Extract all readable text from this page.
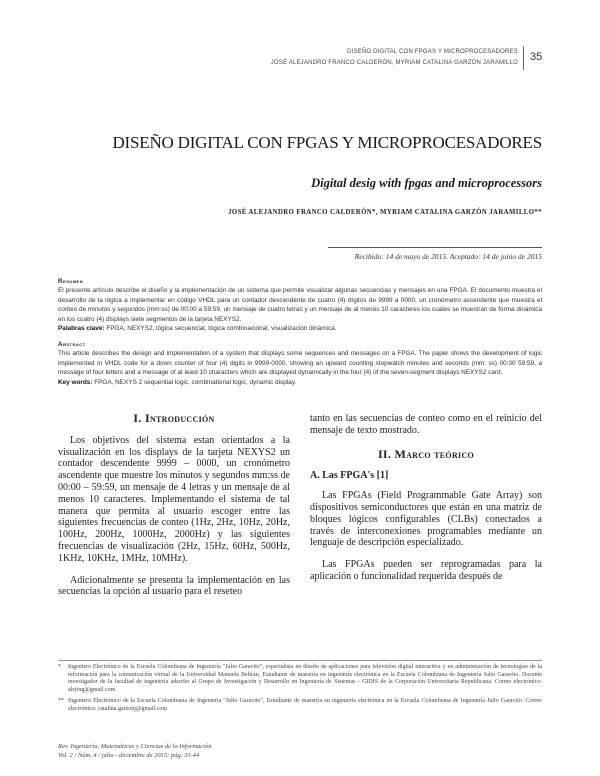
DISEÑO DIGITAL CON FPGAS Y MICROPROCESADORES
JOSÉ ALEJANDRO FRANCO CALDERÓN, MYRIAM CATALINA GARZÓN JARAMILLO 35
DISEÑO DIGITAL CON FPGAS Y MICROPROCESADORES
Digital desig with fpgas and microprocessors
JOSÉ ALEJANDRO FRANCO CALDERÓN*, MYRIAM CATALINA GARZÓN JARAMILLO**
Recibido: 14 de mayo de 2015. Aceptado: 14 de junio de 2015
Resumen
El presente artículo describe el diseño y la implementación de un sistema que permite visualizar algunas secuencias y mensajes en una FPGA. El documento muestra el desarrollo de la lógica a implementar en código VHDL para un contador descendente de cuatro (4) dígitos de 9999 a 0000, un cronómetro ascendente que muestra el conteo de minutos y segundos (mm:ss) de 00:00 a 59:59, un mensaje de cuatro letras y un mensaje de al menos 10 caracteres los cuales se muestran de forma dinámica en los cuatro (4) displays siete segmentos de la tarjeta NEXYS2.
Palabras clave: FPGA, NEXYS2, lógica secuencial, lógica combinacional, visualización dinámica.
Abstract
This article describes the design and implementation of a system that displays some sequences and messages on a FPGA. The paper shows the development of logic implemented in VHDL code for a down counter of four (4) digits in 9999-0000, showing an upward counting stopwatch minutes and seconds (mm: ss) 00:00 59:59, a message of four letters and a message of at least 10 characters which are displayed dynamically in the four (4) of the seven-segment displays NEXYS2 card.
Key words: FPGA, NEXYS 2 sequential logic, combinational logic, dynamic display.
I. Introducción
Los objetivos del sistema estan orientados a la visualización en los displays de la tarjeta NEXYS2 un contador descendente 9999 – 0000, un cronómetro ascendente que muestre los minutos y segundos mm:ss de 00:00 – 59:59, un mensaje de 4 letras y un mensaje de al menos 10 caracteres. Implementando el sistema de tal manera que permita al usuario escoger entre las siguientes frecuencias de conteo (1Hz, 2Hz, 10Hz, 20Hz, 100Hz, 200Hz, 1000Hz, 2000Hz) y las siguientes frecuencias de visualización (2Hz, 15Hz, 60Hz, 500Hz, 1KHz, 10KHz, 1MHz, 10MHz).
Adicionalmente se presenta la implementación en las secuencias la opción al usuario para el reseteo
tanto en las secuencias de conteo como en el reinicio del mensaje de texto mostrado.
II. Marco teórico
A. Las FPGA's [1]
Las FPGAs (Field Programmable Gate Array) son dispositivos semiconductores que están en una matriz de bloques lógicos configurables (CLBs) conectados a través de interconexiones programables mediante un lenguaje de descripción especializado.
Las FPGAs pueden ser reprogramadas para la aplicación o funcionalidad requerida después de
*	Ingeniero Electrónico de la Escuela Colombiana de Ingeniería "Julio Garavito", especialista en diseño de aplicaciones para televisión digital interactiva y en administración de tecnologías de la información para la comunicación virtual de la Universidad Manuela Beltrán, Estudiante de maestría en ingeniería electrónica en la Escuela Colombiana de Ingeniería Julio Garavito. Docente investigador de la facultad de ingeniería adscrito al Grupo de Investigación y Desarrollo en Ingeniería de Sistemas - GIDIS de la Corporación Universitaria Republicana. Correo electrónico: alejing@gmail.com
** Ingeniero Electrónico de la Escuela Colombiana de Ingeniería "Julio Garavito", Estudiante de maestría en ingeniería electrónica en la Escuela Colombiana de Ingeniería Julio Garavito. Correo electrónico: catalina.garzonj@gmail.com
Rev. Ingeniería, Matemáticas y Ciencias de la Información
Vol. 2 / Núm. 4 / julio - diciembre de 2015; pág. 35-44
